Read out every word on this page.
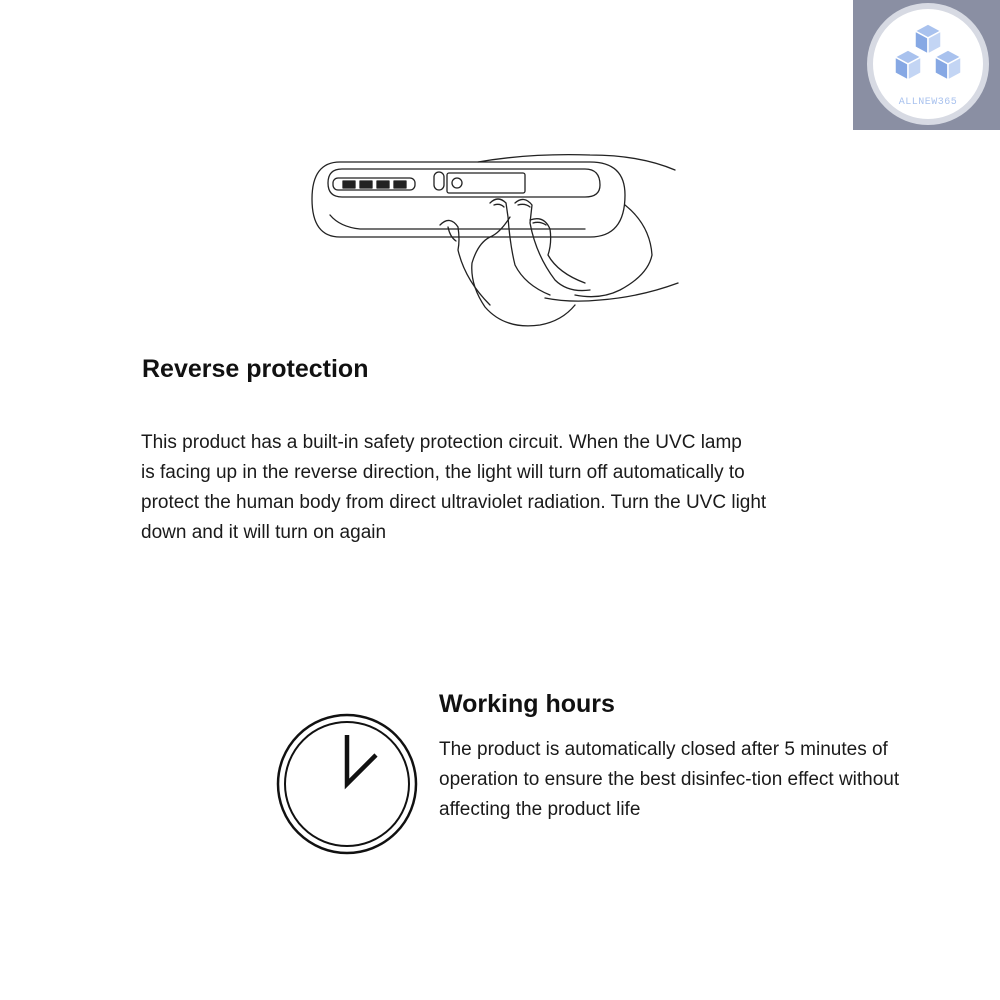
ALLNEW365
Reverse protection

This product has a built-in safety protection circuit. When the UVC lamp
is facing up in the reverse direction, the light will turn off automatically to
protect the human body from direct ultraviolet radiation. Turn the UVC light
down and it will turn on again

Working hours

The product is automatically closed after 5 minutes of
operation to ensure the best disinfec-tion effect without
affecting the product life
